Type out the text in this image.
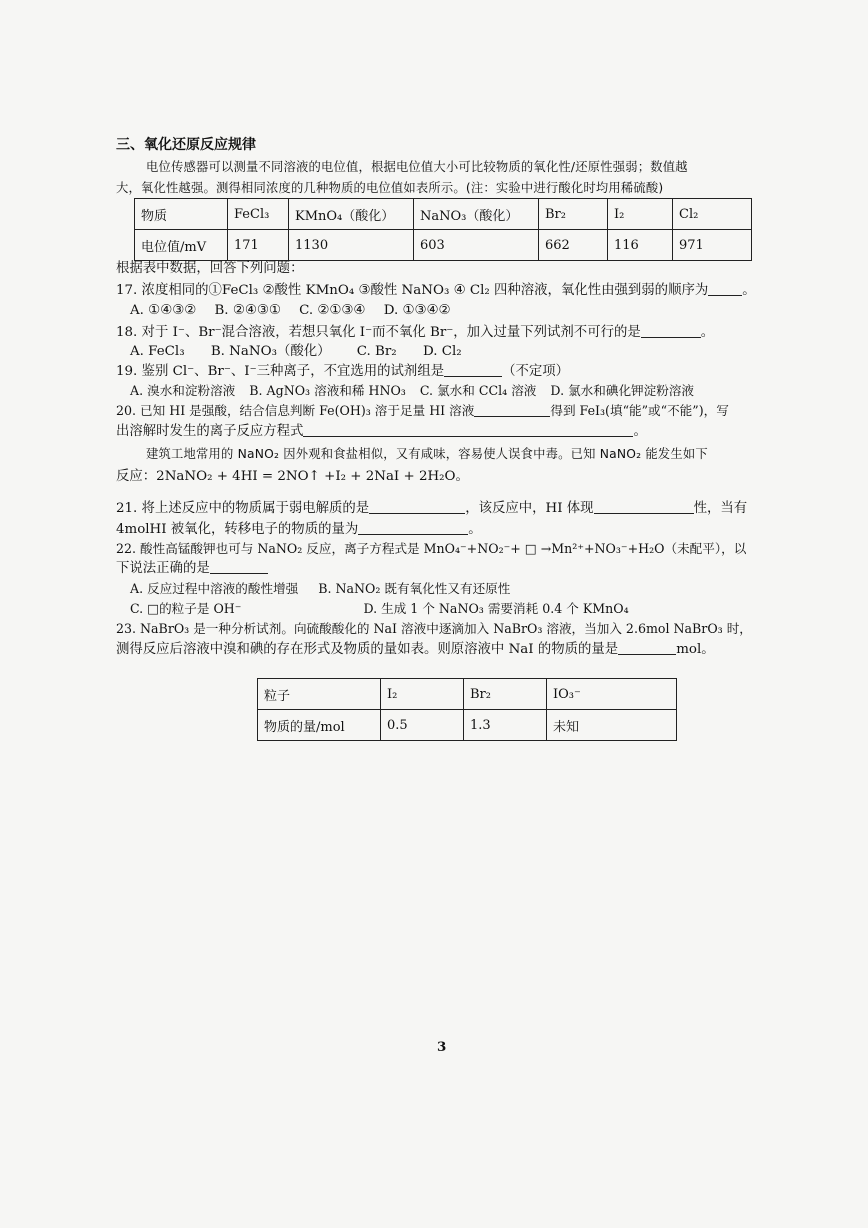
三、氧化还原反应规律
电位传感器可以测量不同溶液的电位值，根据电位值大小可比较物质的氧化性/还原性强弱；数值越
大，氧化性越强。测得相同浓度的几种物质的电位值如表所示。(注：实验中进行酸化时均用稀硫酸)
物质	FeCl₃	KMnO₄（酸化）	NaNO₃（酸化）	Br₂	I₂	Cl₂
电位值/mV	171	1130	603	662	116	971
根据表中数据，回答下列问题：
17. 浓度相同的①FeCl₃ ②酸性 KMnO₄ ③酸性 NaNO₃ ④ Cl₂ 四种溶液，氧化性由强到弱的顺序为	。
A. ①④③② B. ②④③① C. ②①③④ D. ①③④②
18. 对于 I⁻、Br⁻混合溶液，若想只氧化 I⁻而不氧化 Br⁻，加入过量下列试剂不可行的是	。
A. FeCl₃ B. NaNO₃（酸化） C. Br₂ D. Cl₂
19. 鉴别 Cl⁻、Br⁻、I⁻三种离子，不宜选用的试剂组是	（不定项）
A. 溴水和淀粉溶液 B. AgNO₃ 溶液和稀 HNO₃ C. 氯水和 CCl₄ 溶液 D. 氯水和碘化钾淀粉溶液
20. 已知 HI 是强酸，结合信息判断 Fe(OH)₃ 溶于足量 HI 溶液	得到 FeI₃(填“能”或“不能”)，写
出溶解时发生的离子反应方程式	。
建筑工地常用的 NaNO₂ 因外观和食盐相似，又有咸味，容易使人误食中毒。已知 NaNO₂ 能发生如下
反应：2NaNO₂ + 4HI = 2NO↑ +I₂ + 2NaI + 2H₂O。
21. 将上述反应中的物质属于弱电解质的是	，该反应中，HI 体现	性，当有
4molHI 被氧化，转移电子的物质的量为	。
22. 酸性高锰酸钾也可与 NaNO₂ 反应，离子方程式是 MnO₄⁻+NO₂⁻+ □ →Mn²⁺+NO₃⁻+H₂O（未配平），以
下说法正确的是
A. 反应过程中溶液的酸性增强 B. NaNO₂ 既有氧化性又有还原性
C. □的粒子是 OH⁻	D. 生成 1 个 NaNO₃ 需要消耗 0.4 个 KMnO₄
23. NaBrO₃ 是一种分析试剂。向硫酸酸化的 NaI 溶液中逐滴加入 NaBrO₃ 溶液，当加入 2.6mol NaBrO₃ 时，
测得反应后溶液中溴和碘的存在形式及物质的量如表。则原溶液中 NaI 的物质的量是	mol。
粒子	I₂	Br₂	IO₃⁻
物质的量/mol	0.5	1.3	未知
3
